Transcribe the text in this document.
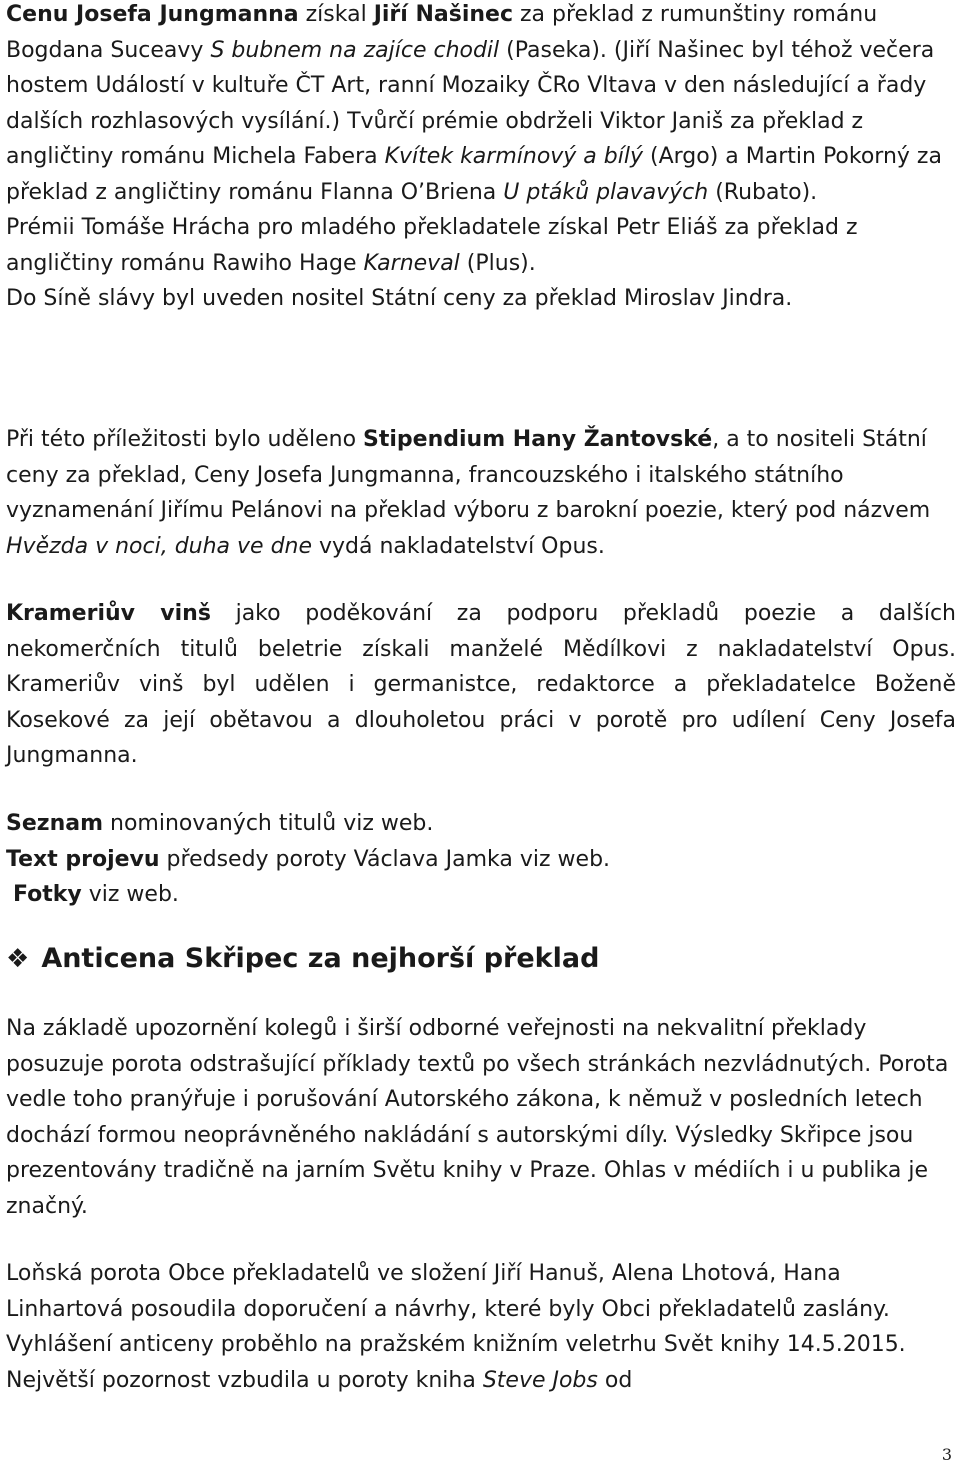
Cenu Josefa Jungmanna získal Jiří Našinec za překlad z rumunštiny románu Bogdana Suceavy S bubnem na zajíce chodil (Paseka). (Jiří Našinec byl téhož večera hostem Událostí v kultuře ČT Art, ranní Mozaiky ČRo Vltava v den následující a řady dalších rozhlasových vysílání.) Tvůrčí prémie obdrželi Viktor Janiš za překlad z angličtiny románu Michela Fabera Kvítek karmínový a bílý (Argo) a Martin Pokorný za překlad z angličtiny románu Flanna O’Briena U ptáků plavavých (Rubato).
Prémii Tomáše Hrácha pro mladého překladatele získal Petr Eliáš za překlad z angličtiny románu Rawiho Hage Karneval (Plus).
Do Síně slávy byl uveden nositel Státní ceny za překlad Miroslav Jindra.

Při této příležitosti bylo uděleno Stipendium Hany Žantovské, a to nositeli Státní ceny za překlad, Ceny Josefa Jungmanna, francouzského i italského státního vyznamenání Jiřímu Pelánovi na překlad výboru z barokní poezie, který pod názvem Hvězda v noci, duha ve dne vydá nakladatelství Opus.

Krameriův vinš jako poděkování za podporu překladů poezie a dalších nekomerčních titulů beletrie získali manželé Mědílkovi z nakladatelství Opus. Krameriův vinš byl udělen i germanistce, redaktorce a překladatelce Boženě Kosekové za její obětavou a dlouholetou práci v porotě pro udílení Ceny Josefa Jungmanna.

Seznam nominovaných titulů viz web.
Text projevu předsedy poroty Václava Jamka viz web.
Fotky viz web.

❖ Anticena Skřipec za nejhorší překlad

Na základě upozornění kolegů i širší odborné veřejnosti na nekvalitní překlady posuzuje porota odstrašující příklady textů po všech stránkách nezvládnutých. Porota vedle toho pranýřuje i porušování Autorského zákona, k němuž v posledních letech dochází formou neoprávněného nakládání s autorskými díly. Výsledky Skřipce jsou prezentovány tradičně na jarním Světu knihy v Praze. Ohlas v médiích i u publika je značný.

Loňská porota Obce překladatelů ve složení Jiří Hanuš, Alena Lhotová, Hana Linhartová posoudila doporučení a návrhy, které byly Obci překladatelů zaslány. Vyhlášení anticeny proběhlo na pražském knižním veletrhu Svět knihy 14.5.2015. Největší pozornost vzbudila u poroty kniha Steve Jobs od

3
